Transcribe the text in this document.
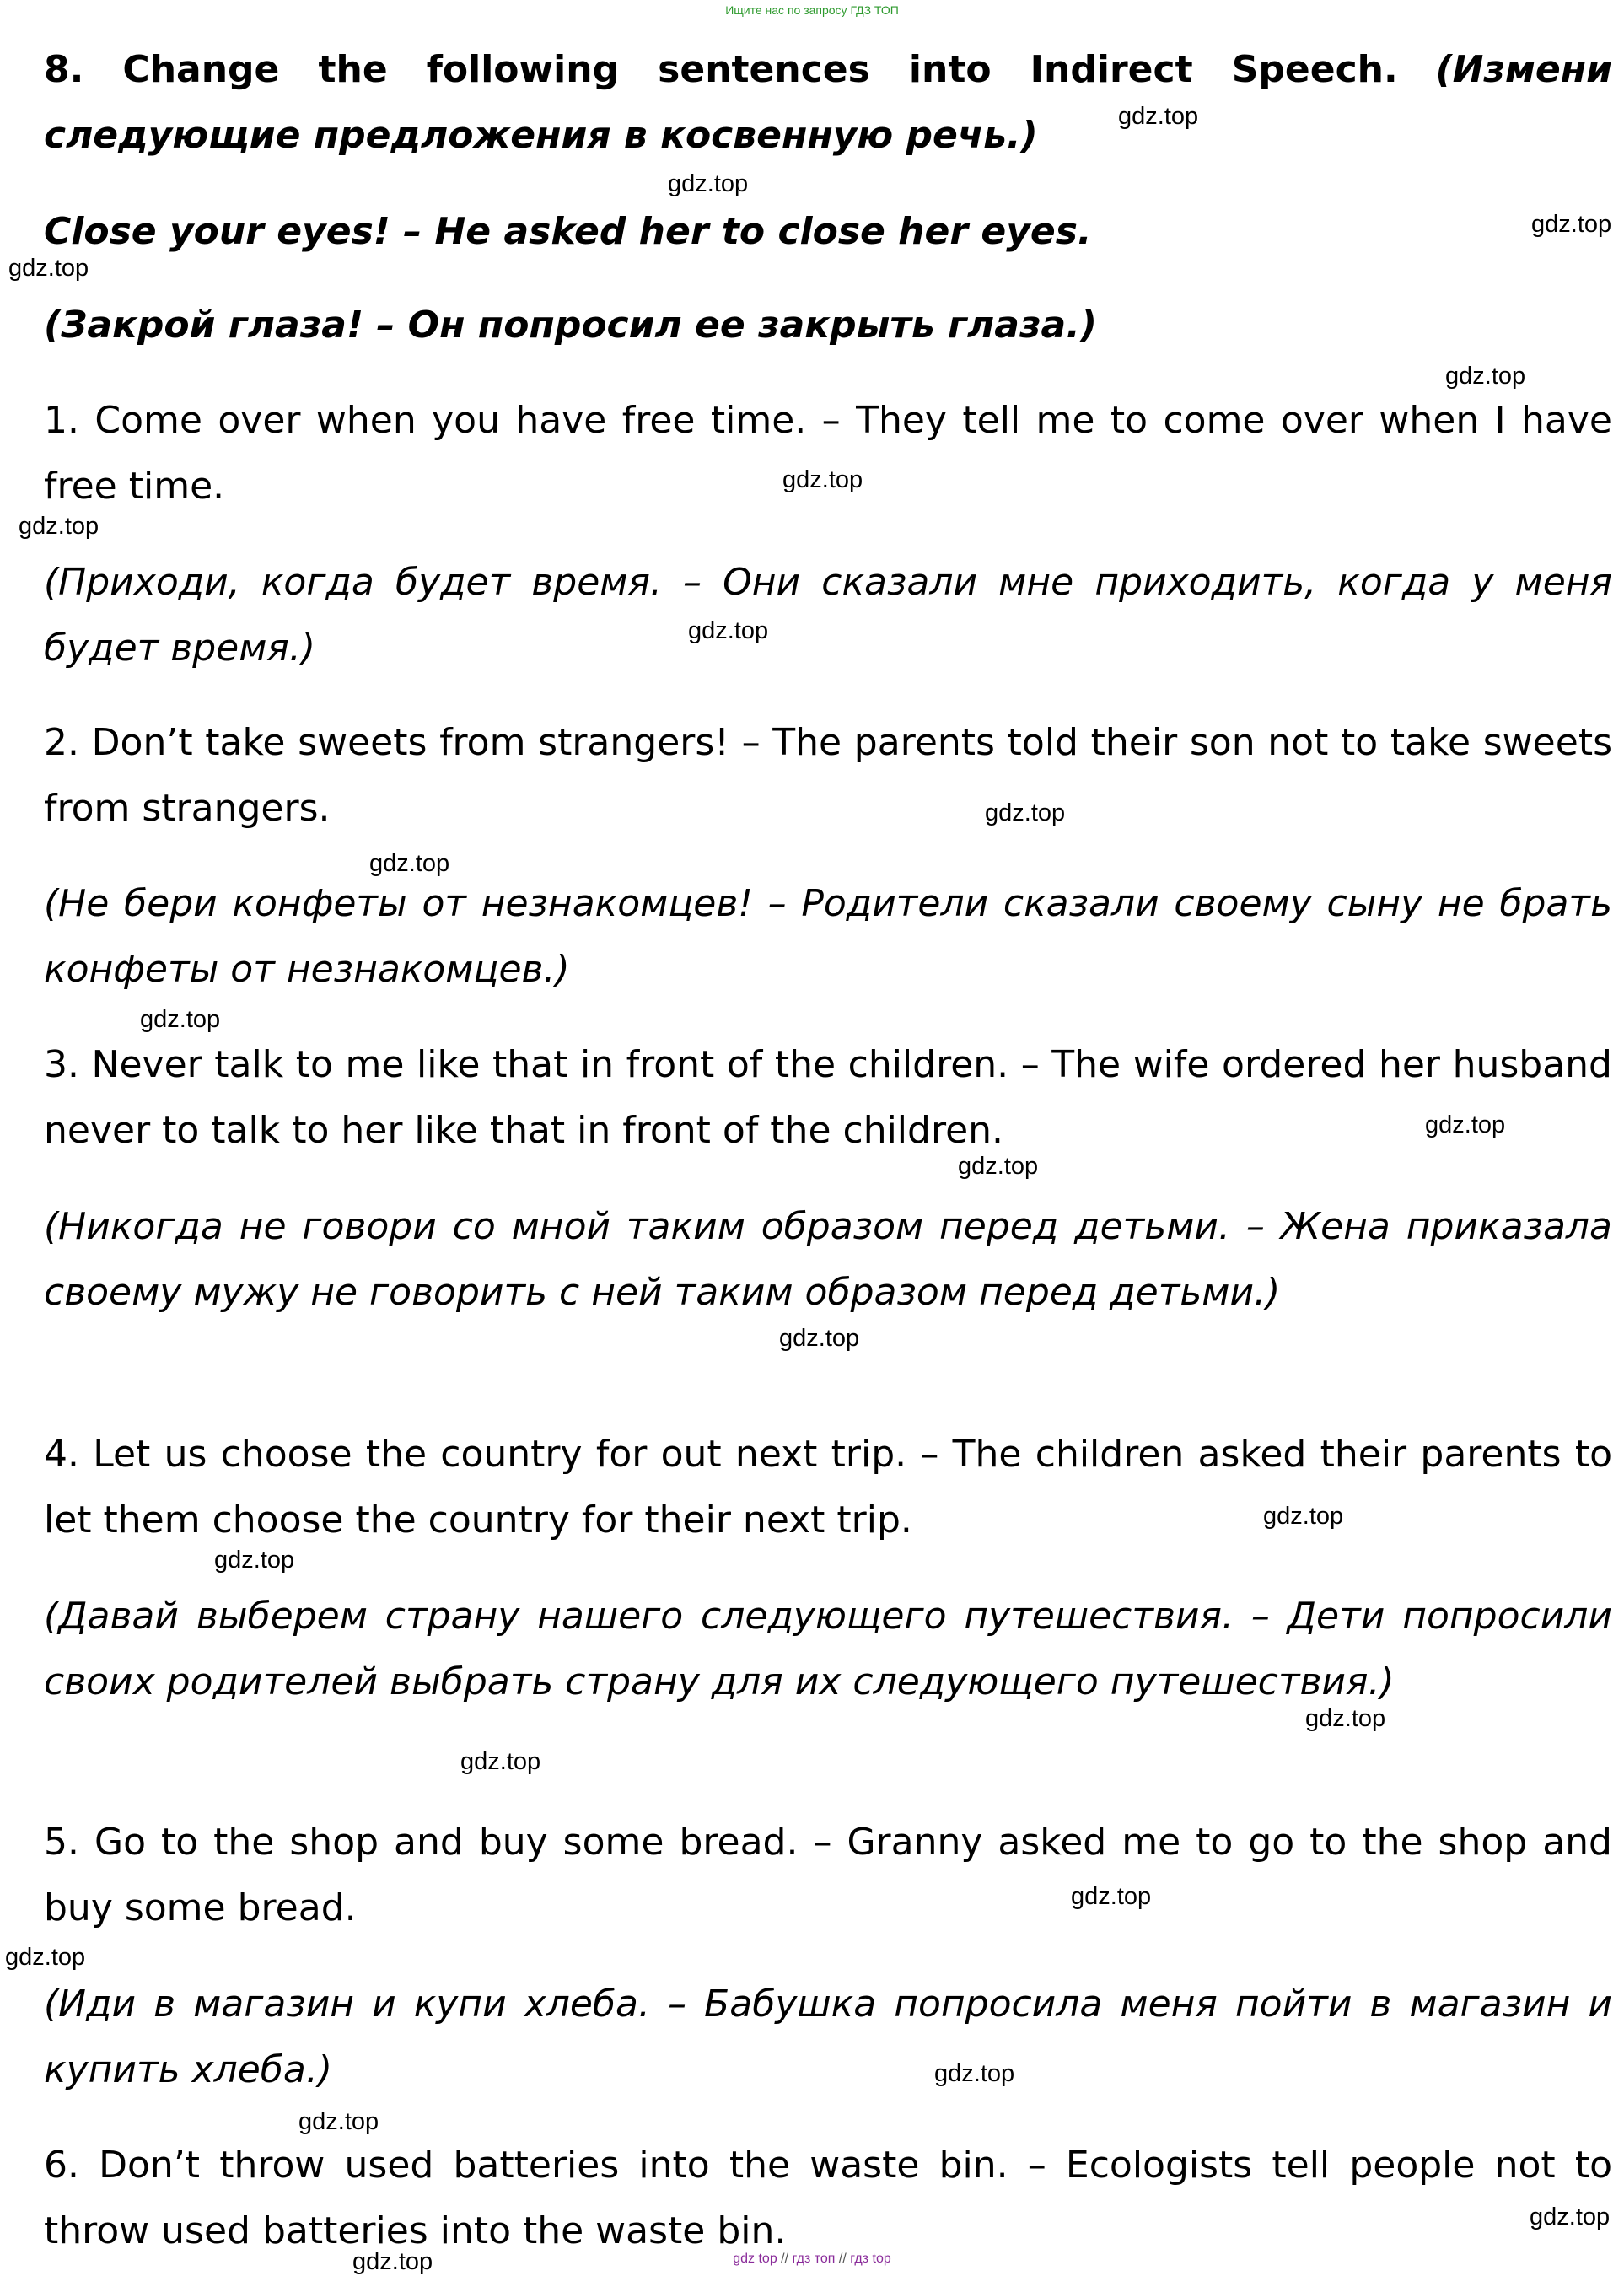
Ищите нас по запросу ГДЗ ТОП

8. Change the following sentences into Indirect Speech. (Измени следующие предложения в косвенную речь.)

Close your eyes! – He asked her to close her eyes.

(Закрой глаза! – Он попросил ее закрыть глаза.)

1. Come over when you have free time. – They tell me to come over when I have free time.

(Приходи, когда будет время. – Они сказали мне приходить, когда у меня будет время.)

2. Don’t take sweets from strangers! – The parents told their son not to take sweets from strangers.

(Не бери конфеты от незнакомцев! – Родители сказали своему сыну не брать конфеты от незнакомцев.)

3. Never talk to me like that in front of the children. – The wife ordered her husband never to talk to her like that in front of the children.

(Никогда не говори со мной таким образом перед детьми. – Жена приказала своему мужу не говорить с ней таким образом перед детьми.)

4. Let us choose the country for out next trip. – The children asked their parents to let them choose the country for their next trip.

(Давай выберем страну нашего следующего путешествия. – Дети попросили своих родителей выбрать страну для их следующего путешествия.)

5. Go to the shop and buy some bread. – Granny asked me to go to the shop and buy some bread.

(Иди в магазин и купи хлеба. – Бабушка попросила меня пойти в магазин и купить хлеба.)

6. Don’t throw used batteries into the waste bin. – Ecologists tell people not to throw used batteries into the waste bin.

gdz.top
gdz.top
gdz.top
gdz.top
gdz.top
gdz.top
gdz.top
gdz.top
gdz.top
gdz.top
gdz.top
gdz.top
gdz.top
gdz.top
gdz.top
gdz.top
gdz.top
gdz.top
gdz.top
gdz.top
gdz.top
gdz.top
gdz.top
gdz.top	gdz top // гдз топ // гдз top
